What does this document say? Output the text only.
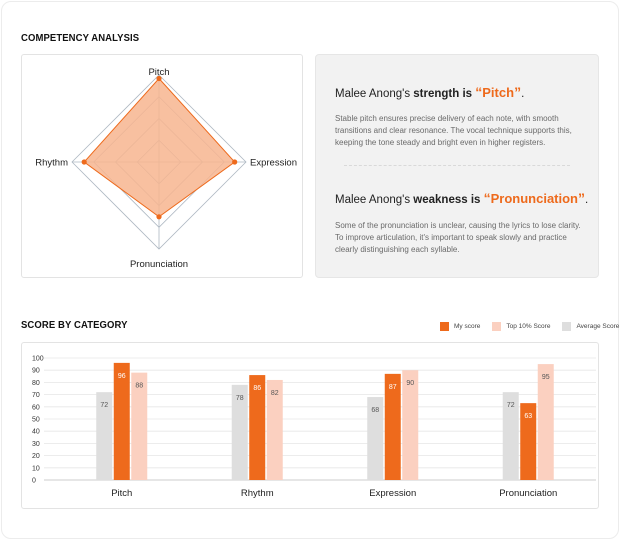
COMPETENCY ANALYSIS
Pitch
Expression
Pronunciation
Rhythm
Malee Anong's strength is “Pitch”.
Stable pitch ensures precise delivery of each note, with smooth transitions and clear resonance. The vocal technique supports this, keeping the tone steady and bright even in higher registers.
Malee Anong's weakness is “Pronunciation”.
Some of the pronunciation is unclear, causing the lyrics to lose clarity. To improve articulation, it's important to speak slowly and practice clearly distinguishing each syllable.
SCORE BY CATEGORY	My score	Top 10% Score	Average Score
0
10
20
30
40
50
60
70
80
90
100
72
96
88
Pitch
78
86
82
Rhythm
68
87
90
Expression
72
63
95
Pronunciation
